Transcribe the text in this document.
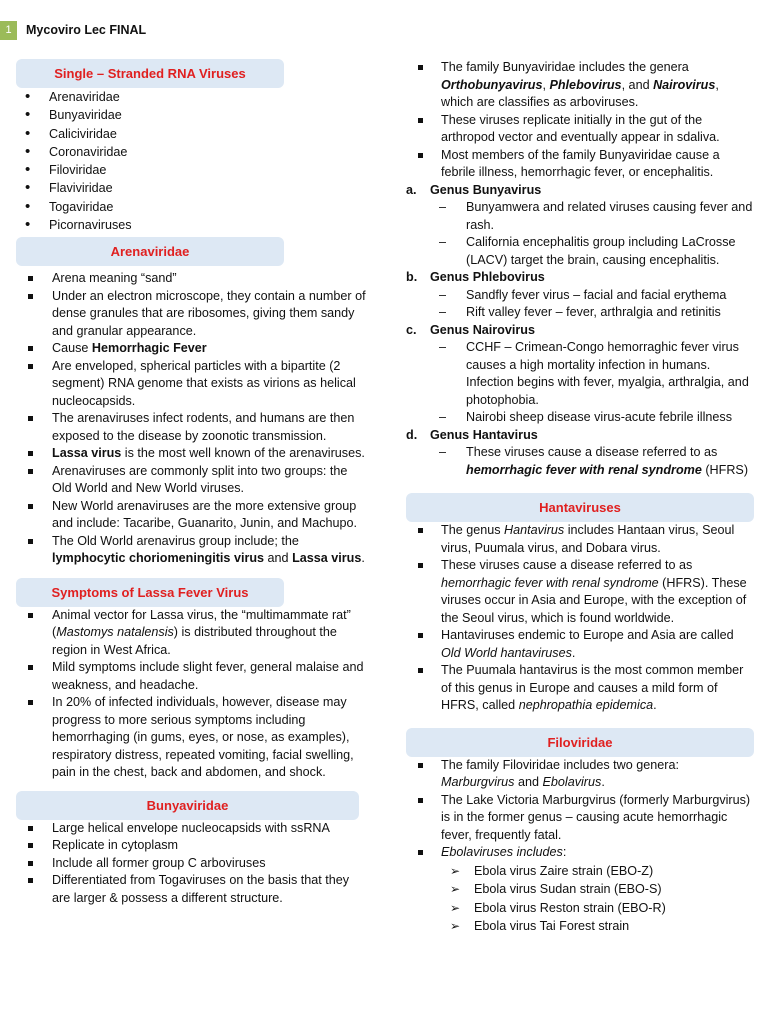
1	Mycoviro Lec FINAL
Single – Stranded RNA Viruses
• Arenaviridae
• Bunyaviridae
• Caliciviridae
• Coronaviridae
• Filoviridae
• Flaviviridae
• Togaviridae
• Picornaviruses
Arenaviridae
Arena meaning “sand”
Under an electron microscope, they contain a number of dense granules that are ribosomes, giving them sandy and granular appearance.
Cause Hemorrhagic Fever
Are enveloped, spherical particles with a bipartite (2 segment) RNA genome that exists as virions as helical nucleocapsids.
The arenaviruses infect rodents, and humans are then exposed to the disease by zoonotic transmission.
Lassa virus is the most well known of the arenaviruses.
Arenaviruses are commonly split into two groups: the Old World and New World viruses.
New World arenaviruses are the more extensive group and include: Tacaribe, Guanarito, Junin, and Machupo.
The Old World arenavirus group include; the lymphocytic choriomeningitis virus and Lassa virus.
Symptoms of Lassa Fever Virus
Animal vector for Lassa virus, the “multimammate rat” (Mastomys natalensis) is distributed throughout the region in West Africa.
Mild symptoms include slight fever, general malaise and weakness, and headache.
In 20% of infected individuals, however, disease may progress to more serious symptoms including hemorrhaging (in gums, eyes, or nose, as examples), respiratory distress, repeated vomiting, facial swelling, pain in the chest, back and abdomen, and shock.
Bunyaviridae
Large helical envelope nucleocapsids with ssRNA
Replicate in cytoplasm
Include all former group C arboviruses
Differentiated from Togaviruses on the basis that they are larger & possess a different structure.
The family Bunyaviridae includes the genera Orthobunyavirus, Phlebovirus, and Nairovirus, which are classifies as arboviruses.
These viruses replicate initially in the gut of the arthropod vector and eventually appear in sdaliva.
Most members of the family Bunyaviridae cause a febrile illness, hemorrhagic fever, or encephalitis.
a. Genus Bunyavirus
– Bunyamwera and related viruses causing fever and rash.
– California encephalitis group including LaCrosse (LACV) target the brain, causing encephalitis.
b. Genus Phlebovirus
– Sandfly fever virus – facial and facial erythema
– Rift valley fever – fever, arthralgia and retinitis
c. Genus Nairovirus
– CCHF – Crimean-Congo hemorraghic fever virus causes a high mortality infection in humans. Infection begins with fever, myalgia, arthralgia, and photophobia.
– Nairobi sheep disease virus-acute febrile illness
d. Genus Hantavirus
– These viruses cause a disease referred to as hemorrhagic fever with renal syndrome (HFRS)
Hantaviruses
The genus Hantavirus includes Hantaan virus, Seoul virus, Puumala virus, and Dobara virus.
These viruses cause a disease referred to as hemorrhagic fever with renal syndrome (HFRS). These viruses occur in Asia and Europe, with the exception of the Seoul virus, which is found worldwide.
Hantaviruses endemic to Europe and Asia are called Old World hantaviruses.
The Puumala hantavirus is the most common member of this genus in Europe and causes a mild form of HFRS, called nephropathia epidemica.
Filoviridae
The family Filoviridae includes two genera: Marburgvirus and Ebolavirus.
The Lake Victoria Marburgvirus (formerly Marburgvirus) is in the former genus – causing acute hemorrhagic fever, frequently fatal.
Ebolaviruses includes:
➢ Ebola virus Zaire strain (EBO-Z)
➢ Ebola virus Sudan strain (EBO-S)
➢ Ebola virus Reston strain (EBO-R)
➢ Ebola virus Tai Forest strain
